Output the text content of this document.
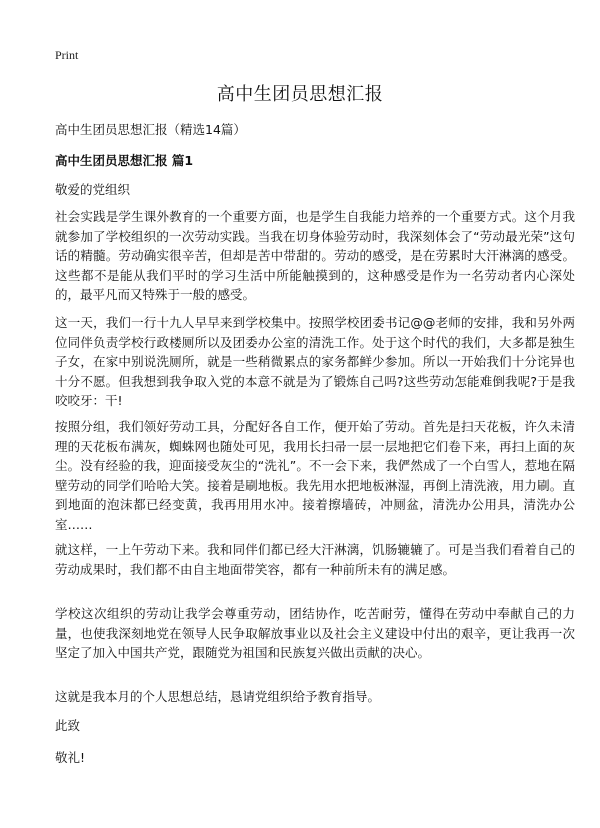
Print
高中生团员思想汇报
高中生团员思想汇报（精选14篇）
高中生团员思想汇报 篇1
敬爱的党组织

社会实践是学生课外教育的一个重要方面，也是学生自我能力培养的一个重要方式。这个月我就参加了学校组织的一次劳动实践。当我在切身体验劳动时，我深刻体会了“劳动最光荣”这句话的精髓。劳动确实很辛苦，但却是苦中带甜的。劳动的感受，是在劳累时大汗淋漓的感受。这些都不是能从我们平时的学习生活中所能触摸到的，这种感受是作为一名劳动者内心深处的，最平凡而又特殊于一般的感受。

这一天，我们一行十九人早早来到学校集中。按照学校团委书记@@老师的安排，我和另外两位同伴负责学校行政楼厕所以及团委办公室的清洗工作。处于这个时代的我们，大多都是独生子女，在家中别说洗厕所，就是一些稍微累点的家务都鲜少参加。所以一开始我们十分诧异也十分不愿。但我想到我争取入党的本意不就是为了锻炼自己吗?这些劳动怎能难倒我呢?于是我咬咬牙：干!

按照分组，我们领好劳动工具，分配好各自工作，便开始了劳动。首先是扫天花板，许久未清理的天花板布满灰，蜘蛛网也随处可见，我用长扫帚一层一层地把它们卷下来，再扫上面的灰尘。没有经验的我，迎面接受灰尘的“洗礼”。不一会下来，我俨然成了一个白雪人，惹地在隔壁劳动的同学们哈哈大笑。接着是刷地板。我先用水把地板淋湿，再倒上清洗液，用力刷。直到地面的泡沫都已经变黄，我再用用水冲。接着擦墙砖，冲厕盆，清洗办公用具，清洗办公室……

就这样，一上午劳动下来。我和同伴们都已经大汗淋漓，饥肠辘辘了。可是当我们看着自己的劳动成果时，我们都不由自主地面带笑容，都有一种前所未有的满足感。

学校这次组织的劳动让我学会尊重劳动，团结协作，吃苦耐劳，懂得在劳动中奉献自己的力量，也使我深刻地党在领导人民争取解放事业以及社会主义建设中付出的艰辛，更让我再一次坚定了加入中国共产党，跟随党为祖国和民族复兴做出贡献的决心。

这就是我本月的个人思想总结，恳请党组织给予教育指导。

此致
敬礼!
